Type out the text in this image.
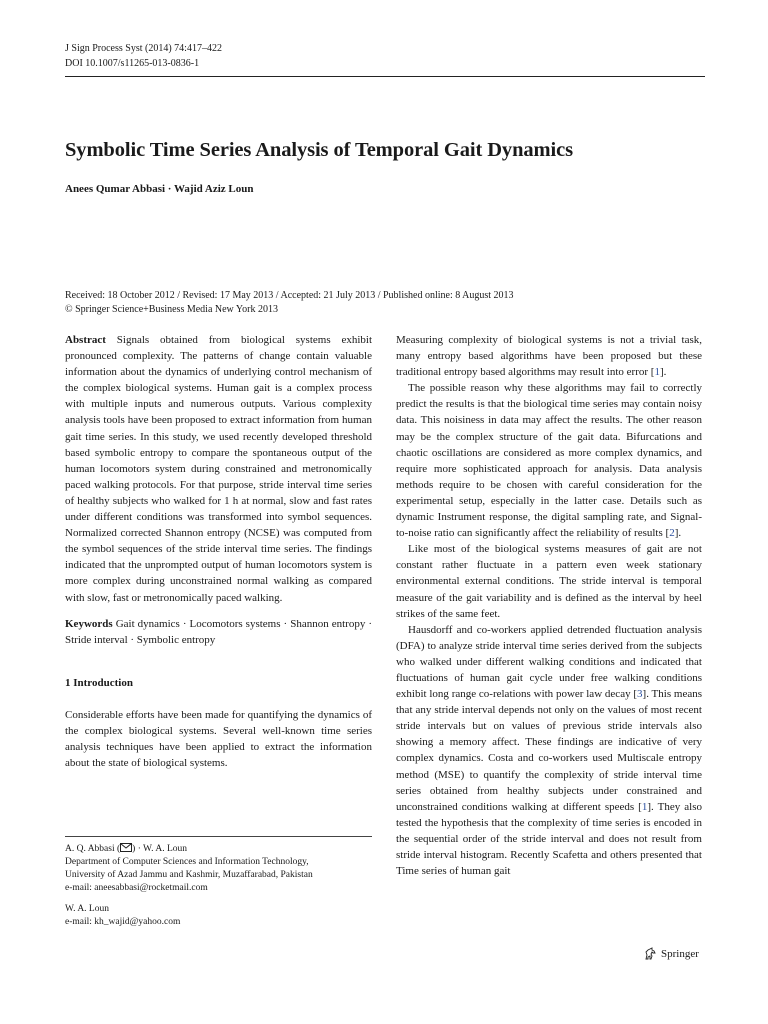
J Sign Process Syst (2014) 74:417–422
DOI 10.1007/s11265-013-0836-1
Symbolic Time Series Analysis of Temporal Gait Dynamics
Anees Qumar Abbasi · Wajid Aziz Loun
Received: 18 October 2012 / Revised: 17 May 2013 / Accepted: 21 July 2013 / Published online: 8 August 2013
© Springer Science+Business Media New York 2013

Abstract Signals obtained from biological systems exhibit pronounced complexity. The patterns of change contain valuable information about the dynamics of underlying control mechanism of the complex biological systems. Human gait is a complex process with multiple inputs and numerous outputs. Various complexity analysis tools have been proposed to extract information from human gait time series. In this study, we used recently developed threshold based symbolic entropy to compare the spontaneous output of the human locomotors system during constrained and metronomically paced walking protocols. For that purpose, stride interval time series of healthy subjects who walked for 1 h at normal, slow and fast rates under different conditions was transformed into symbol sequences. Normalized corrected Shannon entropy (NCSE) was computed from the symbol sequences of the stride interval time series. The findings indicated that the unprompted output of human locomotors system is more complex during unconstrained normal walking as compared with slow, fast or metronomically paced walking.

Keywords Gait dynamics · Locomotors systems · Shannon entropy · Stride interval · Symbolic entropy

1 Introduction

Considerable efforts have been made for quantifying the dynamics of the complex biological systems. Several well-known time series analysis techniques have been applied to extract the information about the state of biological systems.

Measuring complexity of biological systems is not a trivial task, many entropy based algorithms have been proposed but these traditional entropy based algorithms may result into error [1].

The possible reason why these algorithms may fail to correctly predict the results is that the biological time series may contain noisy data. This noisiness in data may affect the results. The other reason may be the complex structure of the gait data. Bifurcations and chaotic oscillations are considered as more complex dynamics, and require more sophisticated approach for analysis. Data analysis methods require to be chosen with careful consideration for the experimental setup, especially in the latter case. Details such as dynamic Instrument response, the digital sampling rate, and Signal-to-noise ratio can significantly affect the reliability of results [2].

Like most of the biological systems measures of gait are not constant rather fluctuate in a pattern even week stationary environmental external conditions. The stride interval is temporal measure of the gait variability and is defined as the interval by heel strikes of the same feet.

Hausdorff and co-workers applied detrended fluctuation analysis (DFA) to analyze stride interval time series derived from the subjects who walked under different walking conditions and indicated that fluctuations of human gait cycle under free walking conditions exhibit long range co-relations with power law decay [3]. This means that any stride interval depends not only on the values of most recent stride intervals but on values of previous stride intervals also showing a memory affect. These findings are indicative of very complex dynamics. Costa and co-workers used Multiscale entropy method (MSE) to quantify the complexity of stride interval time series obtained from healthy subjects under constrained and unconstrained conditions walking at different speeds [1]. They also tested the hypothesis that the complexity of time series is encoded in the sequential order of the stride interval and does not result from stride interval histogram. Recently Scafetta and others presented that Time series of human gait

A. Q. Abbasi ( ) · W. A. Loun
Department of Computer Sciences and Information Technology,
University of Azad Jammu and Kashmir, Muzaffarabad, Pakistan
e-mail: aneesabbasi@rocketmail.com
W. A. Loun
e-mail: kh_wajid@yahoo.com
Springer
